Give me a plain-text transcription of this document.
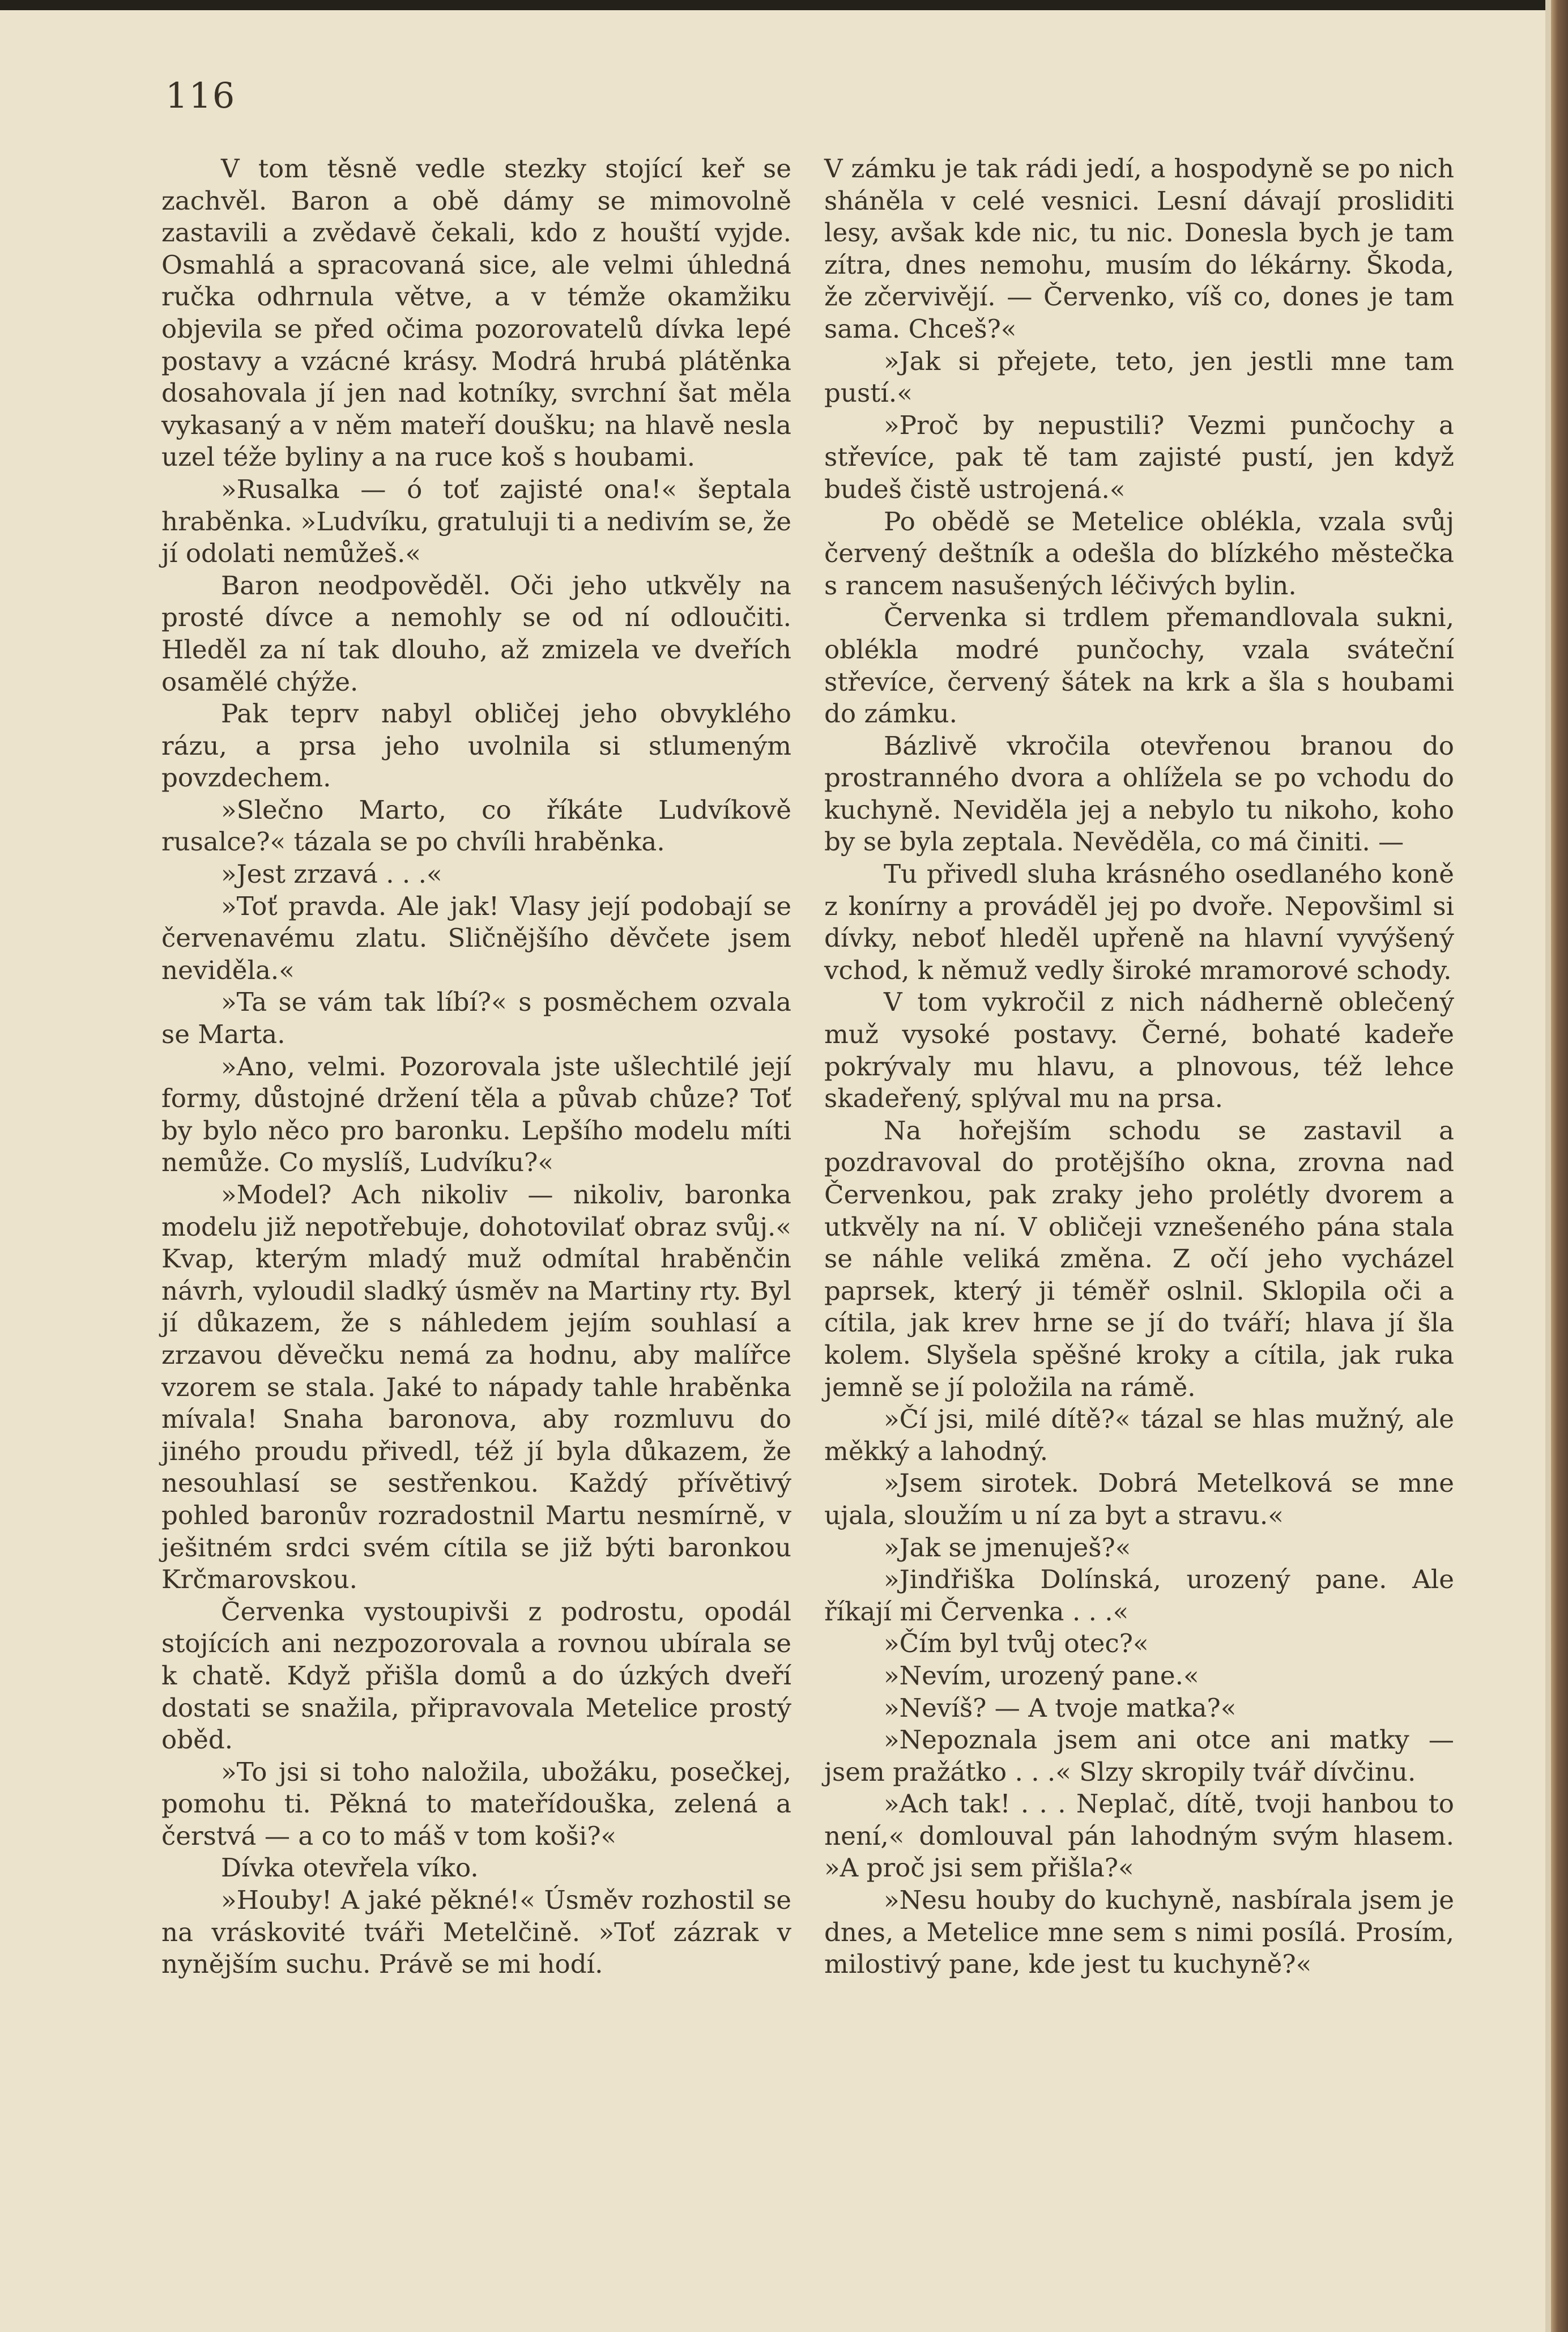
116

V tom těsně vedle stezky stojící keř se zachvěl. Baron a obě dámy se mimovolně zastavili a zvědavě čekali, kdo z houští vyjde. Osmahlá a spracovaná sice, ale velmi úhledná ručka odhrnula větve, a v témže okamžiku objevila se před očima pozorovatelů dívka lepé postavy a vzácné krásy. Modrá hrubá plátěnka dosahovala jí jen nad kotníky, svrchní šat měla vykasaný a v něm mateří doušku; na hlavě nesla uzel téže byliny a na ruce koš s houbami.

»Rusalka — ó toť zajisté ona!« šeptala hraběnka. »Ludvíku, gratuluji ti a nedivím se, že jí odolati nemůžeš.«

Baron neodpověděl. Oči jeho utkvěly na prosté dívce a nemohly se od ní odloučiti. Hleděl za ní tak dlouho, až zmizela ve dveřích osamělé chýže.

Pak teprv nabyl obličej jeho obvyklého rázu, a prsa jeho uvolnila si stlumeným povzdechem.

»Slečno Marto, co říkáte Ludvíkově rusalce?« tázala se po chvíli hraběnka.

»Jest zrzavá . . .«

»Toť pravda. Ale jak! Vlasy její podobají se červenavému zlatu. Sličnějšího děvčete jsem neviděla.«

»Ta se vám tak líbí?« s posměchem ozvala se Marta.

»Ano, velmi. Pozorovala jste ušlechtilé její formy, důstojné držení těla a půvab chůze? Toť by bylo něco pro baronku. Lepšího modelu míti nemůže. Co myslíš, Ludvíku?«

»Model? Ach nikoliv — nikoliv, baronka modelu již nepotřebuje, dohotovilať obraz svůj.« Kvap, kterým mladý muž odmítal hraběnčin návrh, vyloudil sladký úsměv na Martiny rty. Byl jí důkazem, že s náhledem jejím souhlasí a zrzavou děvečku nemá za hodnu, aby malířce vzorem se stala. Jaké to nápady tahle hraběnka mívala! Snaha baronova, aby rozmluvu do jiného proudu přivedl, též jí byla důkazem, že nesouhlasí se sestřenkou. Každý přívětivý pohled baronův rozradostnil Martu nesmírně, v ješitném srdci svém cítila se již býti baronkou Krčmarovskou.

Červenka vystoupivši z podrostu, opodál stojících ani nezpozorovala a rovnou ubírala se k chatě. Když přišla domů a do úzkých dveří dostati se snažila, připravovala Metelice prostý oběd.

»To jsi si toho naložila, ubožáku, posečkej, pomohu ti. Pěkná to mateřídouška, zelená a čerstvá — a co to máš v tom koši?«

Dívka otevřela víko.

»Houby! A jaké pěkné!« Úsměv rozhostil se na vráskovité tváři Metelčině. »Toť zázrak v nynějším suchu. Právě se mi hodí.

V zámku je tak rádi jedí, a hospodyně se po nich sháněla v celé vesnici. Lesní dávají prosliditi lesy, avšak kde nic, tu nic. Donesla bych je tam zítra, dnes nemohu, musím do lékárny. Škoda, že zčervivějí. — Červenko, víš co, dones je tam sama. Chceš?«

»Jak si přejete, teto, jen jestli mne tam pustí.«

»Proč by nepustili? Vezmi punčochy a střevíce, pak tě tam zajisté pustí, jen když budeš čistě ustrojená.«

Po obědě se Metelice oblékla, vzala svůj červený deštník a odešla do blízkého městečka s rancem nasušených léčivých bylin.

Červenka si trdlem přemandlovala sukni, oblékla modré punčochy, vzala sváteční střevíce, červený šátek na krk a šla s houbami do zámku.

Bázlivě vkročila otevřenou branou do prostranného dvora a ohlížela se po vchodu do kuchyně. Neviděla jej a nebylo tu nikoho, koho by se byla zeptala. Nevěděla, co má činiti. —

Tu přivedl sluha krásného osedlaného koně z konírny a prováděl jej po dvoře. Nepovšiml si dívky, neboť hleděl upřeně na hlavní vyvýšený vchod, k němuž vedly široké mramorové schody.

V tom vykročil z nich nádherně oblečený muž vysoké postavy. Černé, bohaté kadeře pokrývaly mu hlavu, a plnovous, též lehce skadeřený, splýval mu na prsa.

Na hořejším schodu se zastavil a pozdravoval do protějšího okna, zrovna nad Červenkou, pak zraky jeho prolétly dvorem a utkvěly na ní. V obličeji vznešeného pána stala se náhle veliká změna. Z očí jeho vycházel paprsek, který ji téměř oslnil. Sklopila oči a cítila, jak krev hrne se jí do tváří; hlava jí šla kolem. Slyšela spěšné kroky a cítila, jak ruka jemně se jí položila na rámě.

»Čí jsi, milé dítě?« tázal se hlas mužný, ale měkký a lahodný.

»Jsem sirotek. Dobrá Metelková se mne ujala, sloužím u ní za byt a stravu.«

»Jak se jmenuješ?«

»Jindřiška Dolínská, urozený pane. Ale říkají mi Červenka . . .«

»Čím byl tvůj otec?«

»Nevím, urozený pane.«

»Nevíš? — A tvoje matka?«

»Nepoznala jsem ani otce ani matky — jsem pražátko . . .« Slzy skropily tvář dívčinu.

»Ach tak! . . . Neplač, dítě, tvoji hanbou to není,« domlouval pán lahodným svým hlasem. »A proč jsi sem přišla?«

»Nesu houby do kuchyně, nasbírala jsem je dnes, a Metelice mne sem s nimi posílá. Prosím, milostivý pane, kde jest tu kuchyně?«
